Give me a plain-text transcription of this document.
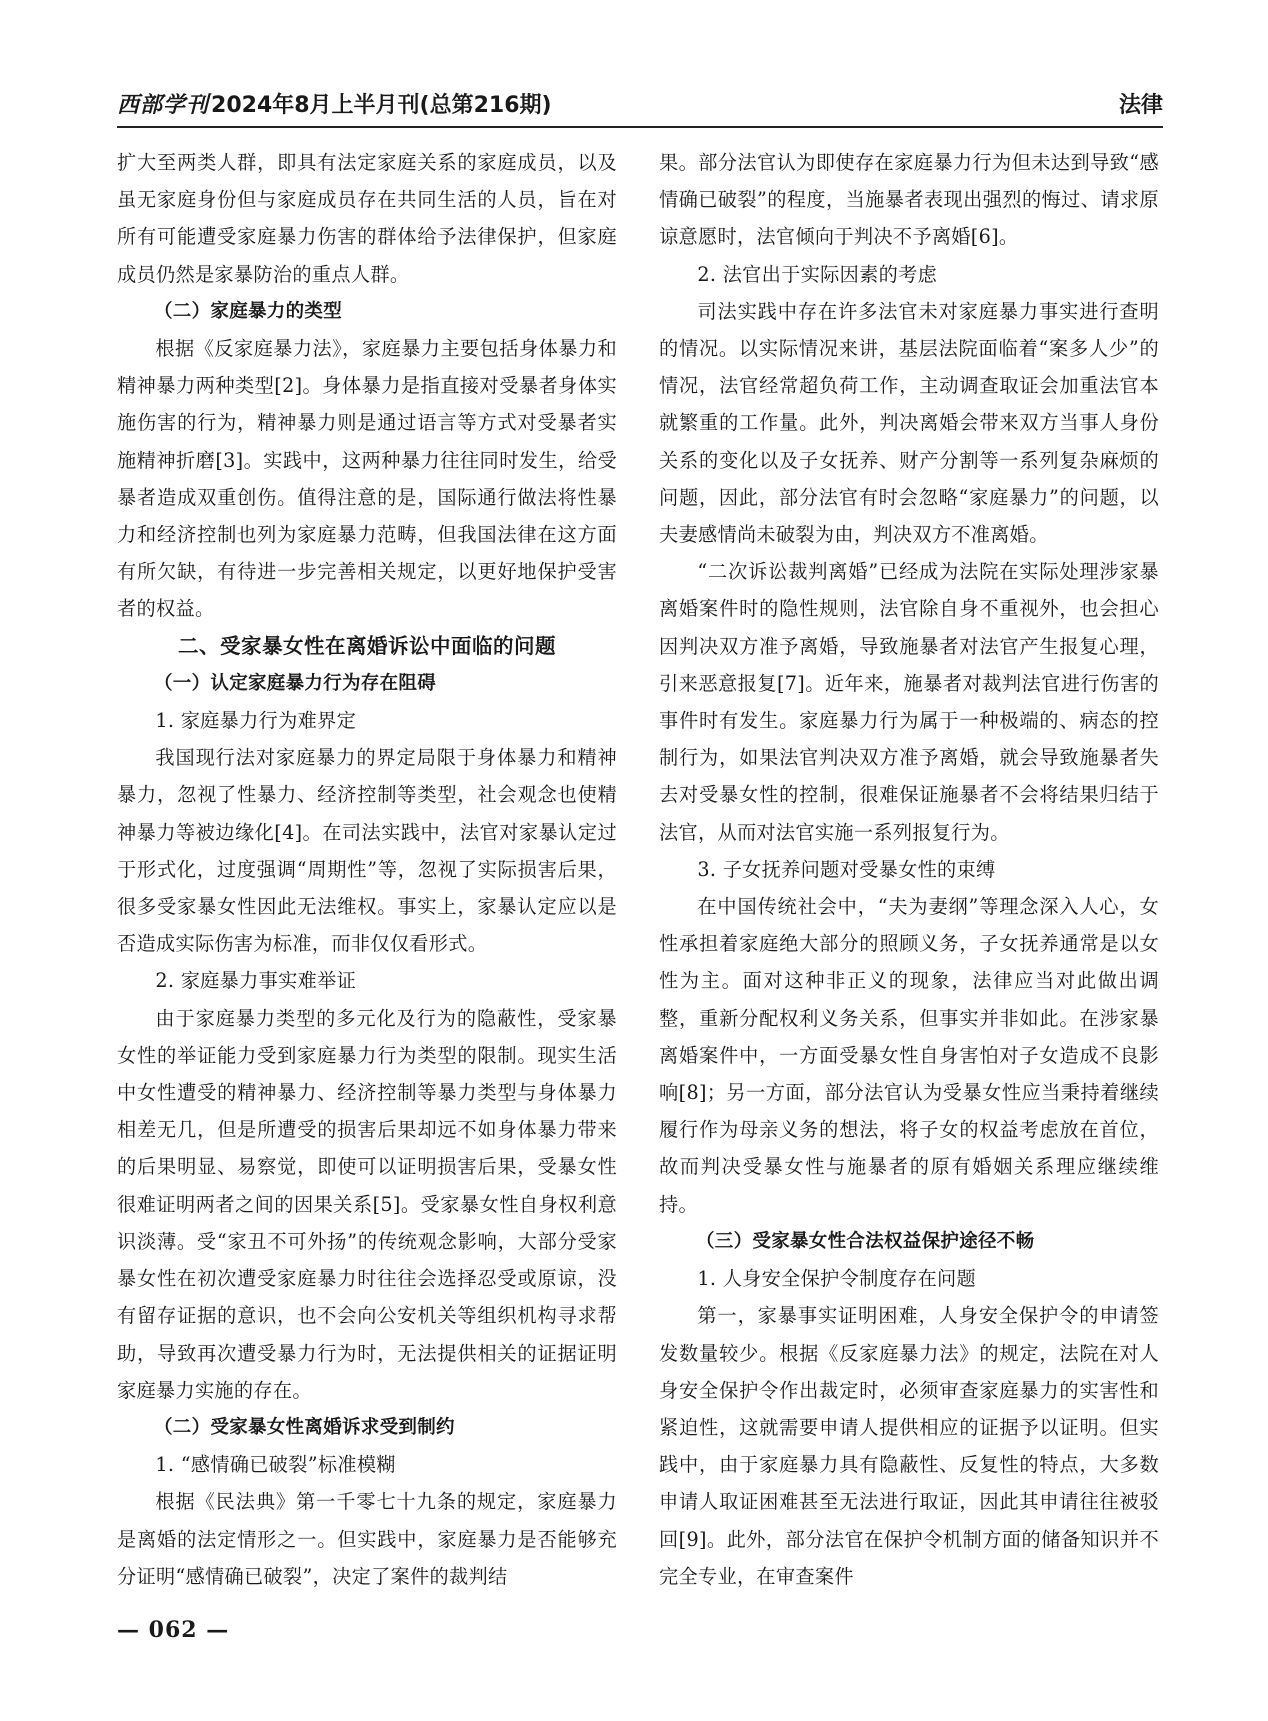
西部学刊2024年8月上半月刊(总第216期)	法律

扩大至两类人群，即具有法定家庭关系的家庭成员，以及虽无家庭身份但与家庭成员存在共同生活的人员，旨在对所有可能遭受家庭暴力伤害的群体给予法律保护，但家庭成员仍然是家暴防治的重点人群。

（二）家庭暴力的类型

根据《反家庭暴力法》，家庭暴力主要包括身体暴力和精神暴力两种类型[2]。身体暴力是指直接对受暴者身体实施伤害的行为，精神暴力则是通过语言等方式对受暴者实施精神折磨[3]。实践中，这两种暴力往往同时发生，给受暴者造成双重创伤。值得注意的是，国际通行做法将性暴力和经济控制也列为家庭暴力范畴，但我国法律在这方面有所欠缺，有待进一步完善相关规定，以更好地保护受害者的权益。

二、受家暴女性在离婚诉讼中面临的问题

（一）认定家庭暴力行为存在阻碍

1. 家庭暴力行为难界定

我国现行法对家庭暴力的界定局限于身体暴力和精神暴力，忽视了性暴力、经济控制等类型，社会观念也使精神暴力等被边缘化[4]。在司法实践中，法官对家暴认定过于形式化，过度强调“周期性”等，忽视了实际损害后果，很多受家暴女性因此无法维权。事实上，家暴认定应以是否造成实际伤害为标准，而非仅仅看形式。

2. 家庭暴力事实难举证

由于家庭暴力类型的多元化及行为的隐蔽性，受家暴女性的举证能力受到家庭暴力行为类型的限制。现实生活中女性遭受的精神暴力、经济控制等暴力类型与身体暴力相差无几，但是所遭受的损害后果却远不如身体暴力带来的后果明显、易察觉，即使可以证明损害后果，受暴女性很难证明两者之间的因果关系[5]。受家暴女性自身权利意识淡薄。受“家丑不可外扬”的传统观念影响，大部分受家暴女性在初次遭受家庭暴力时往往会选择忍受或原谅，没有留存证据的意识，也不会向公安机关等组织机构寻求帮助，导致再次遭受暴力行为时，无法提供相关的证据证明家庭暴力实施的存在。

（二）受家暴女性离婚诉求受到制约

1. “感情确已破裂”标准模糊

根据《民法典》第一千零七十九条的规定，家庭暴力是离婚的法定情形之一。但实践中，家庭暴力是否能够充分证明“感情确已破裂”，决定了案件的裁判结

果。部分法官认为即使存在家庭暴力行为但未达到导致“感情确已破裂”的程度，当施暴者表现出强烈的悔过、请求原谅意愿时，法官倾向于判决不予离婚[6]。

2. 法官出于实际因素的考虑

司法实践中存在许多法官未对家庭暴力事实进行查明的情况。以实际情况来讲，基层法院面临着“案多人少”的情况，法官经常超负荷工作，主动调查取证会加重法官本就繁重的工作量。此外，判决离婚会带来双方当事人身份关系的变化以及子女抚养、财产分割等一系列复杂麻烦的问题，因此，部分法官有时会忽略“家庭暴力”的问题，以夫妻感情尚未破裂为由，判决双方不准离婚。

“二次诉讼裁判离婚”已经成为法院在实际处理涉家暴离婚案件时的隐性规则，法官除自身不重视外，也会担心因判决双方准予离婚，导致施暴者对法官产生报复心理，引来恶意报复[7]。近年来，施暴者对裁判法官进行伤害的事件时有发生。家庭暴力行为属于一种极端的、病态的控制行为，如果法官判决双方准予离婚，就会导致施暴者失去对受暴女性的控制，很难保证施暴者不会将结果归结于法官，从而对法官实施一系列报复行为。

3. 子女抚养问题对受暴女性的束缚

在中国传统社会中，“夫为妻纲”等理念深入人心，女性承担着家庭绝大部分的照顾义务，子女抚养通常是以女性为主。面对这种非正义的现象，法律应当对此做出调整，重新分配权利义务关系，但事实并非如此。在涉家暴离婚案件中，一方面受暴女性自身害怕对子女造成不良影响[8]；另一方面，部分法官认为受暴女性应当秉持着继续履行作为母亲义务的想法，将子女的权益考虑放在首位，故而判决受暴女性与施暴者的原有婚姻关系理应继续维持。

（三）受家暴女性合法权益保护途径不畅

1. 人身安全保护令制度存在问题

第一，家暴事实证明困难，人身安全保护令的申请签发数量较少。根据《反家庭暴力法》的规定，法院在对人身安全保护令作出裁定时，必须审查家庭暴力的实害性和紧迫性，这就需要申请人提供相应的证据予以证明。但实践中，由于家庭暴力具有隐蔽性、反复性的特点，大多数申请人取证困难甚至无法进行取证，因此其申请往往被驳回[9]。此外，部分法官在保护令机制方面的储备知识并不完全专业，在审查案件

— 062 —
